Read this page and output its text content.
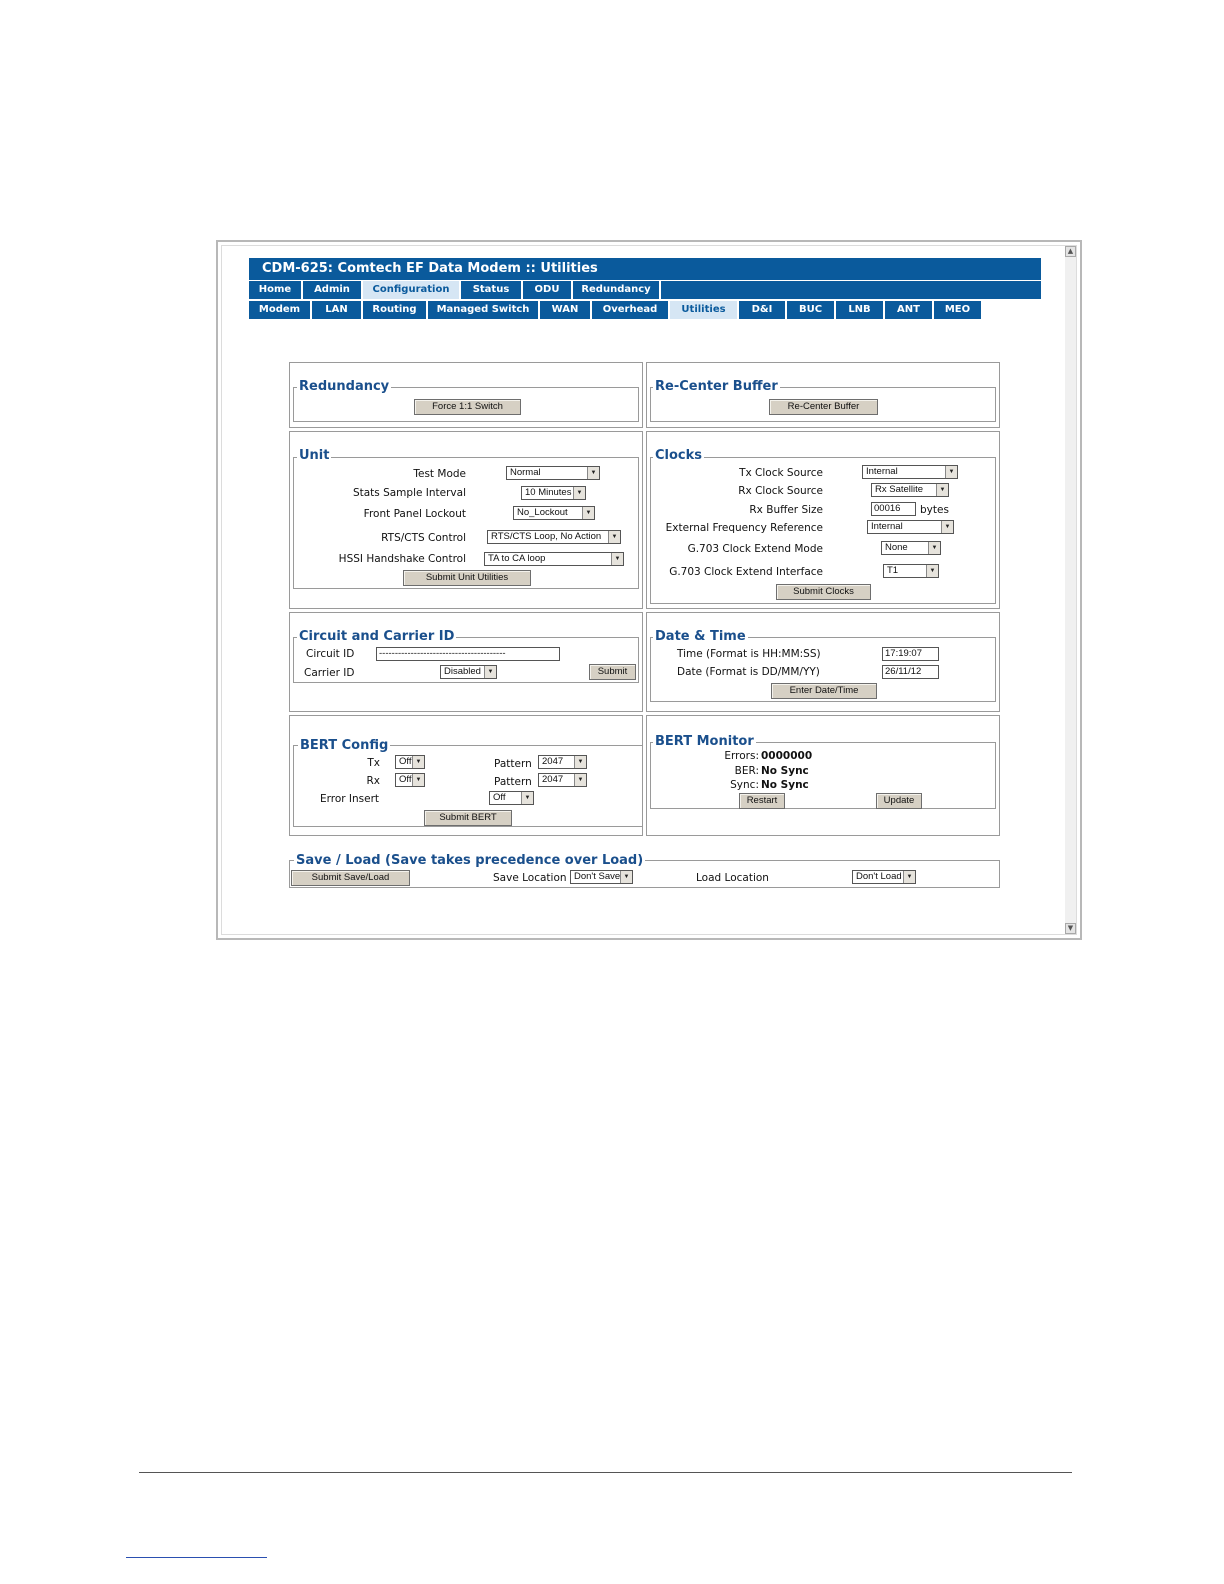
▲
▼
CDM-625: Comtech EF Data Modem :: Utilities
Home	Admin	Configuration	Status	ODU	Redundancy
Modem	LAN	Routing	Managed Switch	WAN	Overhead	Utilities	D&I	BUC	LNB	ANT	MEO
Redundancy
Force 1:1 Switch
Re-Center Buffer
Re-Center Buffer
Unit
Test Mode	Normal	▼
Stats Sample Interval	10 Minutes ▼
Front Panel Lockout	No_Lockout	▼
RTS/CTS Control	RTS/CTS Loop, No Action	▼
HSSI Handshake Control	TA to CA loop	▼
Submit Unit Utilities
Clocks
Tx Clock Source	Internal	▼
Rx Clock Source	Rx Satellite	▼
Rx Buffer Size	00016	bytes
External Frequency Reference	Internal	▼
G.703 Clock Extend Mode	None	▼
G.703 Clock Extend Interface	T1	▼
Submit Clocks
Circuit and Carrier ID
Circuit ID	----------------------------------------
Carrier ID	Disabled	▼	Submit
Date & Time
Time (Format is HH:MM:SS)	17:19:07
Date (Format is DD/MM/YY)	26/11/12
Enter Date/Time
BERT Config
Tx	Off ▼	Pattern	2047	▼
Rx	Off ▼	Pattern	2047	▼
Error Insert	Off	▼
Submit BERT
BERT Monitor
Errors: 0000000
BER: No Sync
Sync: No Sync
Restart	Update
Save / Load (Save takes precedence over Load)
Submit Save/Load	Save Location Don't Save ▼	Load Location	Don't Load ▼
